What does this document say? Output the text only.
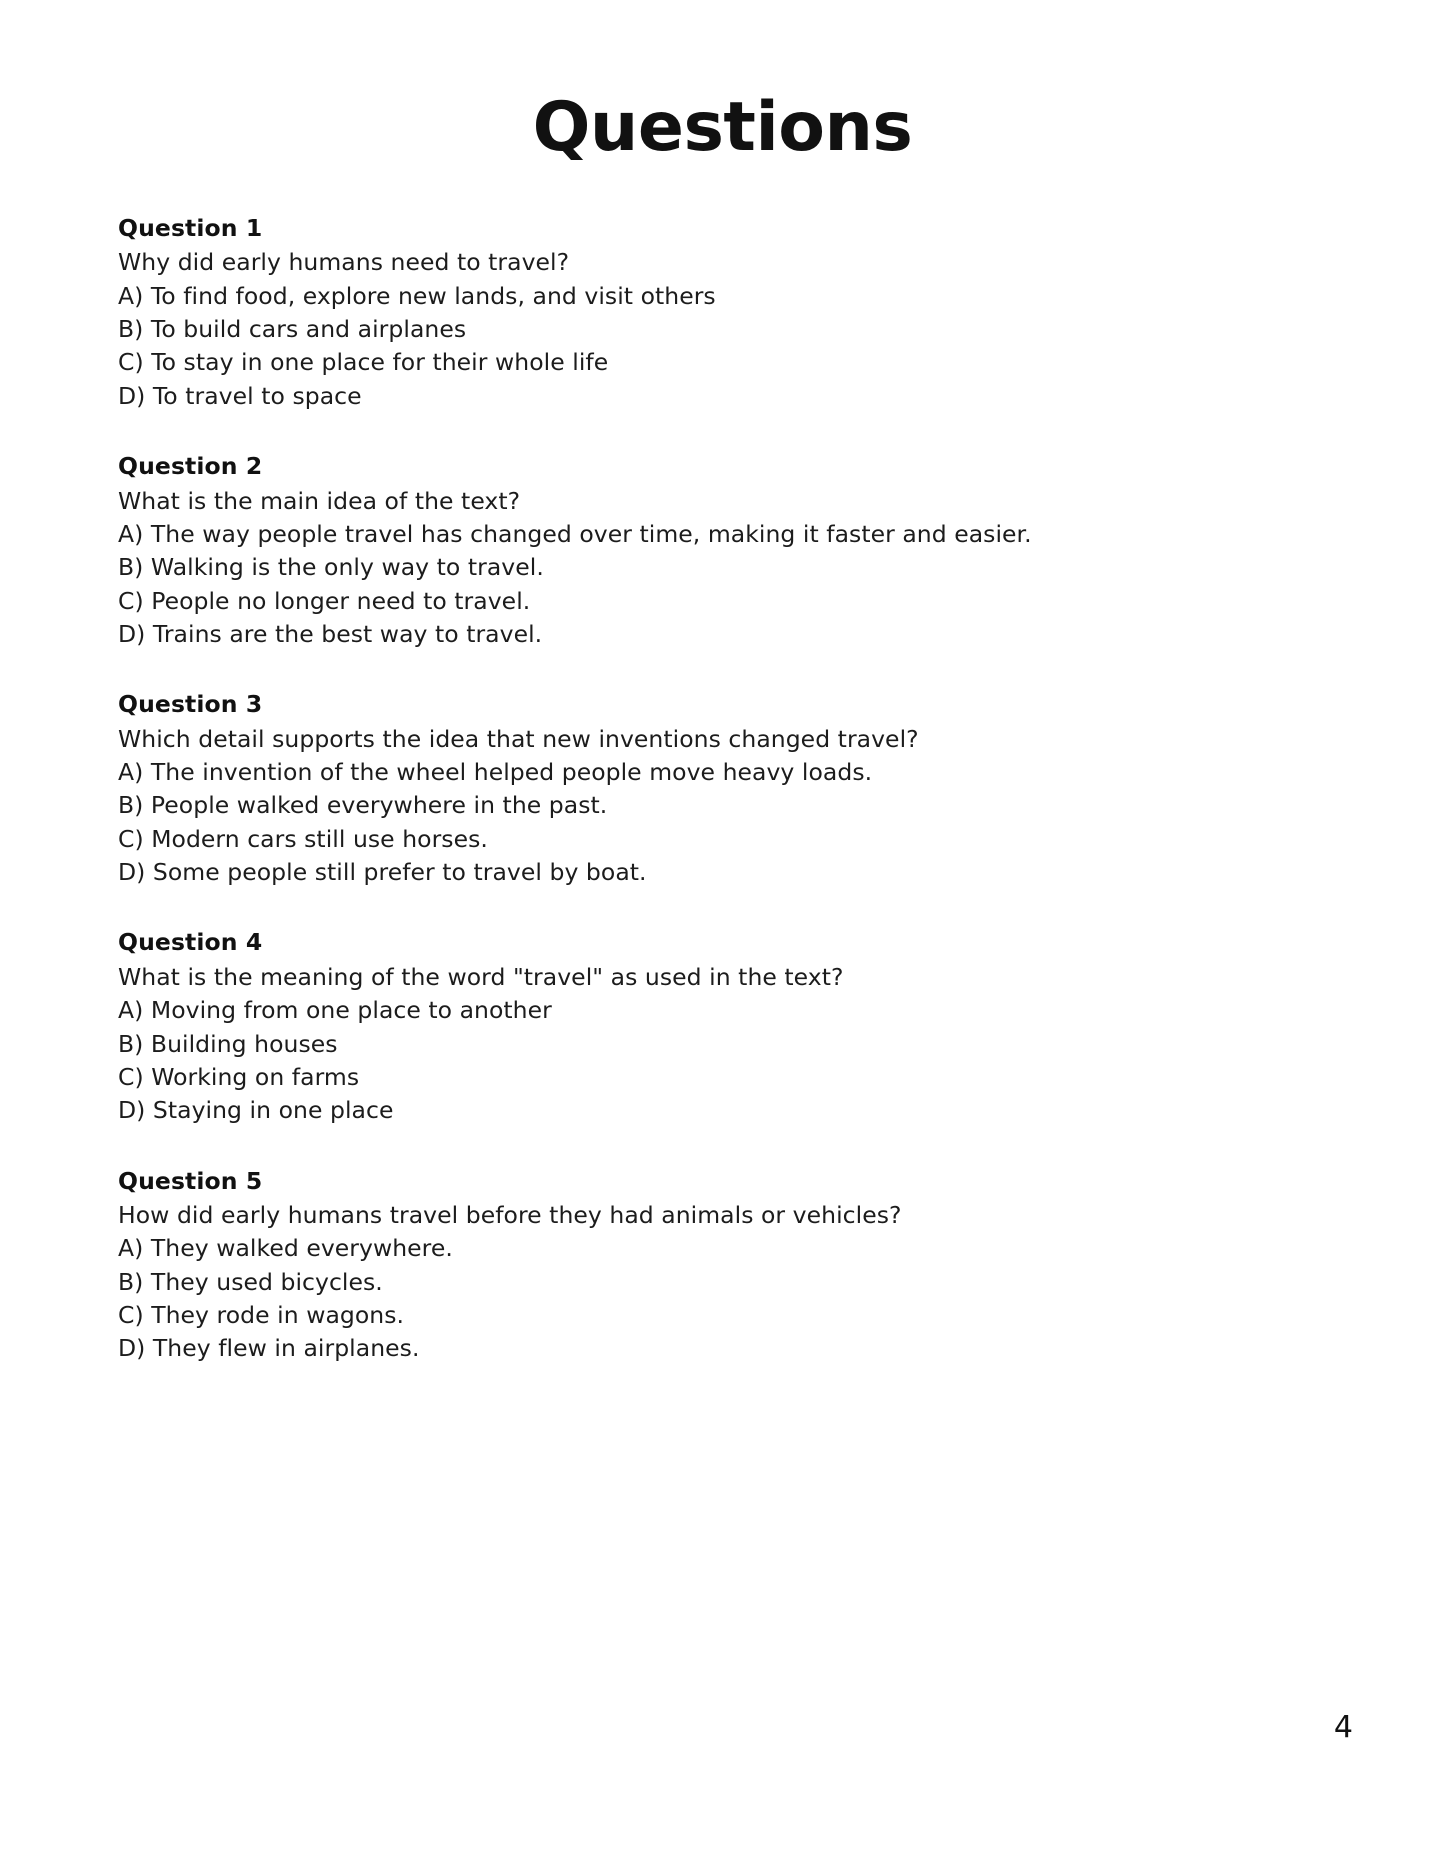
Questions
Question 1
Why did early humans need to travel?
A) To find food, explore new lands, and visit others
B) To build cars and airplanes
C) To stay in one place for their whole life
D) To travel to space
Question 2
What is the main idea of the text?
A) The way people travel has changed over time, making it faster and easier.
B) Walking is the only way to travel.
C) People no longer need to travel.
D) Trains are the best way to travel.
Question 3
Which detail supports the idea that new inventions changed travel?
A) The invention of the wheel helped people move heavy loads.
B) People walked everywhere in the past.
C) Modern cars still use horses.
D) Some people still prefer to travel by boat.
Question 4
What is the meaning of the word "travel" as used in the text?
A) Moving from one place to another
B) Building houses
C) Working on farms
D) Staying in one place
Question 5
How did early humans travel before they had animals or vehicles?
A) They walked everywhere.
B) They used bicycles.
C) They rode in wagons.
D) They flew in airplanes.
4
